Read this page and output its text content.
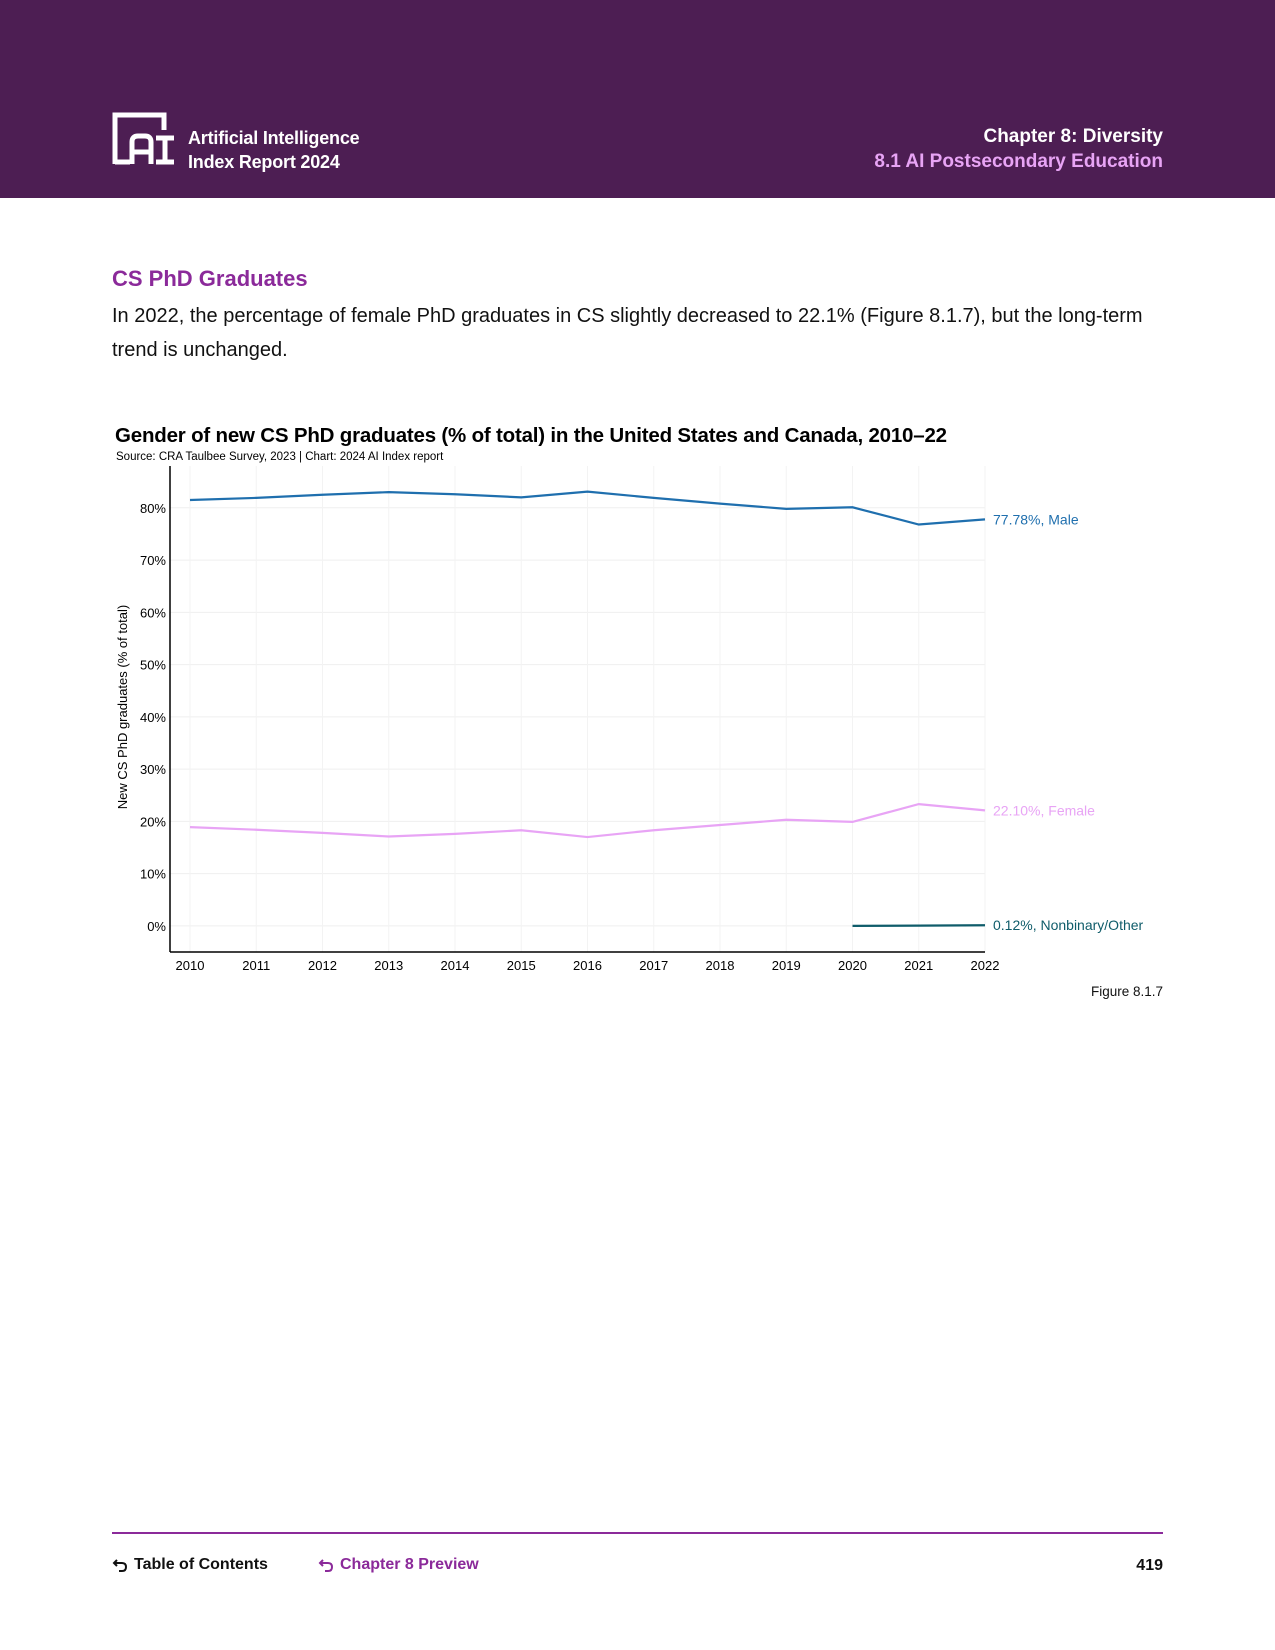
Artificial Intelligence
Index Report 2024
Chapter 8: Diversity
8.1 AI Postsecondary Education
CS PhD Graduates

In 2022, the percentage of female PhD graduates in CS slightly decreased to 22.1% (Figure 8.1.7), but the long-term trend is unchanged.

Gender of new CS PhD graduates (% of total) in the United States and Canada, 2010–22
Source: CRA Taulbee Survey, 2023 | Chart: 2024 AI Index report
0%
10%
20%
30%
40%
50%
60%
70%
80%
2010	2011	2012	2013	2014	2015	2016	2017	2018	2019	2020	2021	2022
New CS PhD graduates (% of total)
77.78%, Male
22.10%, Female
0.12%, Nonbinary/Other
Figure 8.1.7
Table of Contents	Chapter 8 Preview	419
